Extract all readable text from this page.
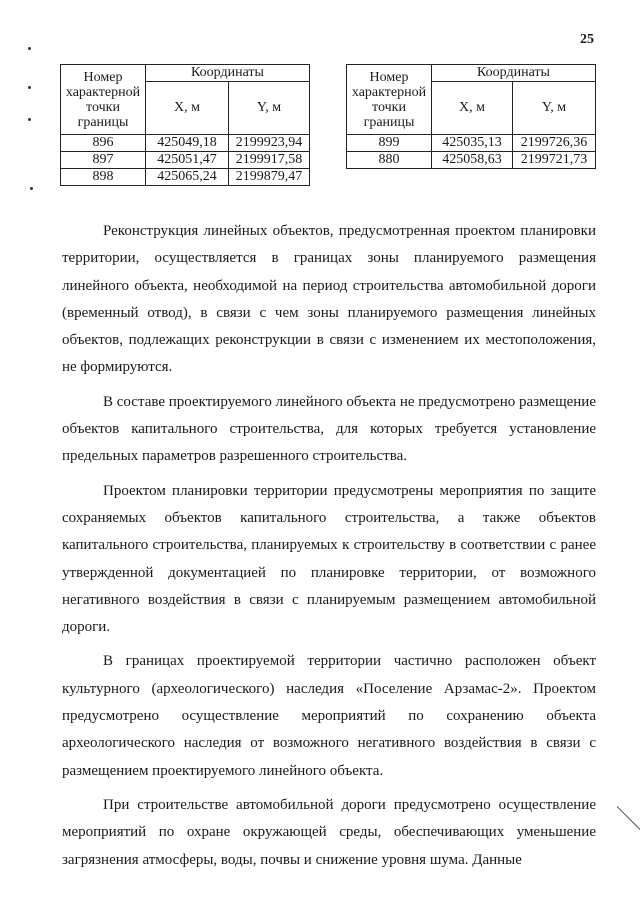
25
Номер характерной точки границы	Координаты	
	X, м	Y, м
896	425049,18	2199923,94
897	425051,47	2199917,58
898	425065,24	2199879,47
Номер характерной точки границы	Координаты	
	X, м	Y, м
899	425035,13	2199726,36
880	425058,63	2199721,73

Реконструкция линейных объектов, предусмотренная проектом планировки территории, осуществляется в границах зоны планируемого размещения линейного объекта, необходимой на период строительства автомобильной дороги (временный отвод), в связи с чем зоны планируемого размещения линейных объектов, подлежащих реконструкции в связи с изменением их местоположения, не формируются.

В составе проектируемого линейного объекта не предусмотрено размещение объектов капитального строительства, для которых требуется установление предельных параметров разрешенного строительства.

Проектом планировки территории предусмотрены мероприятия по защите сохраняемых объектов капитального строительства, а также объектов капитального строительства, планируемых к строительству в соответствии с ранее утвержденной документацией по планировке территории, от возможного негативного воздействия в связи с планируемым размещением автомобильной дороги.

В границах проектируемой территории частично расположен объект культурного (археологического) наследия «Поселение Арзамас-2». Проектом предусмотрено осуществление мероприятий по сохранению объекта археологического наследия от возможного негативного воздействия в связи с размещением проектируемого линейного объекта.

При строительстве автомобильной дороги предусмотрено осуществление мероприятий по охране окружающей среды, обеспечивающих уменьшение загрязнения атмосферы, воды, почвы и снижение уровня шума. Данные
